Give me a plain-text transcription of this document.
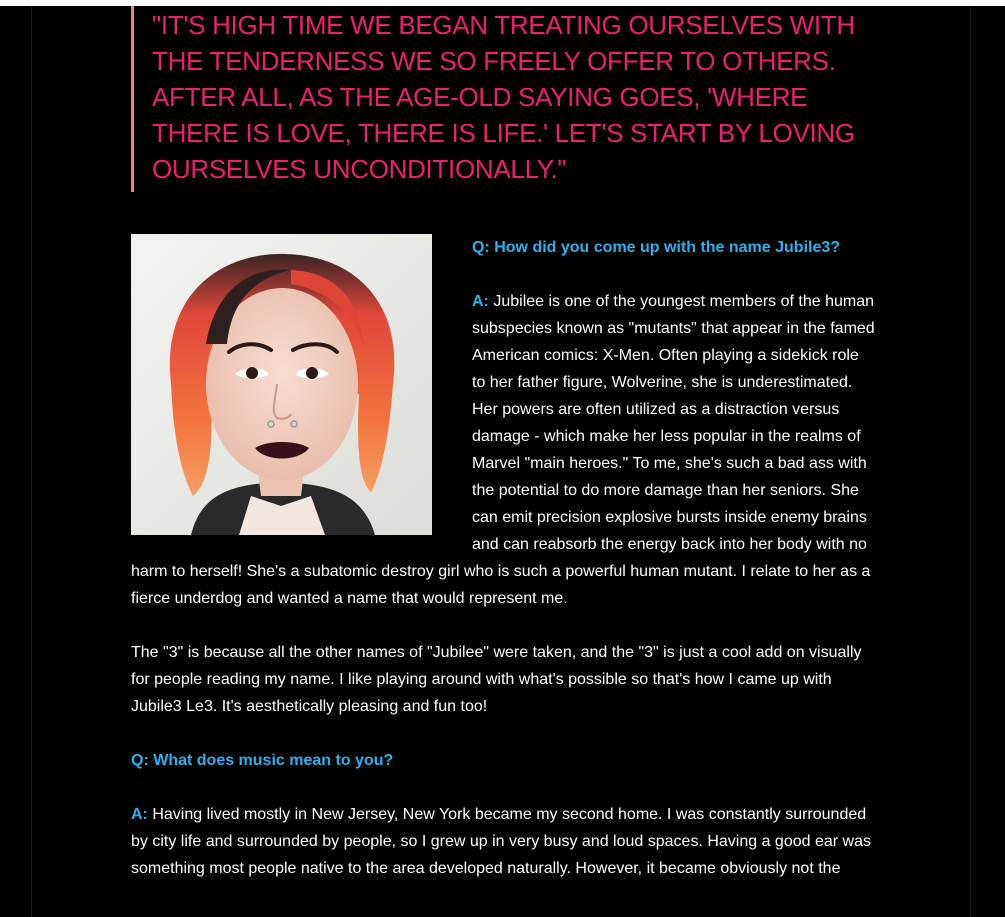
"IT'S HIGH TIME WE BEGAN TREATING OURSELVES WITH THE TENDERNESS WE SO FREELY OFFER TO OTHERS. AFTER ALL, AS THE AGE-OLD SAYING GOES, 'WHERE THERE IS LOVE, THERE IS LIFE.' LET'S START BY LOVING OURSELVES UNCONDITIONALLY."

Q: How did you come up with the name Jubile3?

A: Jubilee is one of the youngest members of the human subspecies known as "mutants" that appear in the famed American comics: X-Men. Often playing a sidekick role to her father figure, Wolverine, she is underestimated. Her powers are often utilized as a distraction versus damage - which make her less popular in the realms of Marvel "main heroes." To me, she's such a bad ass with the potential to do more damage than her seniors. She can emit precision explosive bursts inside enemy brains and can reabsorb the energy back into her body with no harm to herself! She's a subatomic destroy girl who is such a powerful human mutant. I relate to her as a fierce underdog and wanted a name that would represent me.

The "3" is because all the other names of "Jubilee" were taken, and the "3" is just a cool add on visually for people reading my name. I like playing around with what's possible so that's how I came up with Jubile3 Le3. It's aesthetically pleasing and fun too!

Q: What does music mean to you?

A: Having lived mostly in New Jersey, New York became my second home. I was constantly surrounded by city life and surrounded by people, so I grew up in very busy and loud spaces. Having a good ear was something most people native to the area developed naturally. However, it became obviously not the
